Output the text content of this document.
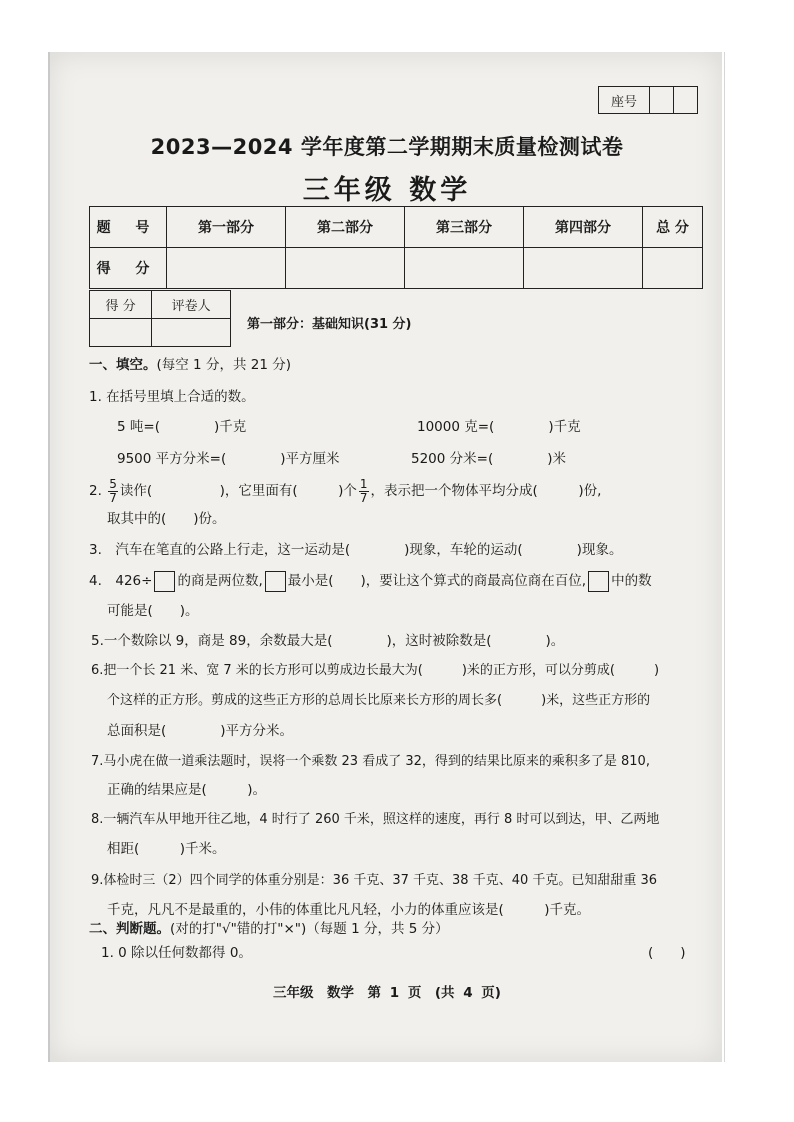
座号
2023—2024 学年度第二学期期末质量检测试卷
三年级 数学
题 号	第一部分	第二部分	第三部分	第四部分	总 分
得 分					
得 分	评卷人

第一部分：基础知识(31 分)
一、填空。(每空 1 分，共 21 分)
1. 在括号里填上合适的数。
5 吨=(　　　　)千克	10000 克=(　　　　)千克
9500 平方分米=(　　　　)平方厘米	5200 分米=(　　　　)米
2. $\frac{5}{7}$ 读作(　　　　　)，它里面有(　　　)个 $\frac{1}{7}$ ，表示把一个物体平均分成(　　　)份,
取其中的(　　)份。
3.　汽车在笔直的公路上行走，这一运动是(　　　　)现象，车轮的运动(　　　　)现象。
4.　426÷ 的商是两位数, 最小是(　　)，要让这个算式的商最高位商在百位, 中的数
可能是(　　)。
5.一个数除以 9，商是 89，余数最大是(　　　　)，这时被除数是(　　　　)。
6.把一个长 21 米、宽 7 米的长方形可以剪成边长最大为(　　　)米的正方形，可以分剪成(　　　)
个这样的正方形。剪成的这些正方形的总周长比原来长方形的周长多(　　　)米，这些正方形的
总面积是(　　　　)平方分米。
7.马小虎在做一道乘法题时，误将一个乘数 23 看成了 32，得到的结果比原来的乘积多了是 810,
正确的结果应是(　　　)。
8.一辆汽车从甲地开往乙地，4 时行了 260 千米，照这样的速度，再行 8 时可以到达，甲、乙两地
相距(　　　)千米。
9.体检时三（2）四个同学的体重分别是：36 千克、37 千克、38 千克、40 千克。已知甜甜重 36
千克，凡凡不是最重的，小伟的体重比凡凡轻，小力的体重应该是(　　　)千克。
二、判断题。(对的打"√"错的打"×")（每题 1 分，共 5 分）
1. 0 除以任何数都得 0。	(　　)
三年级　数学　第 1 页　(共 4 页)
